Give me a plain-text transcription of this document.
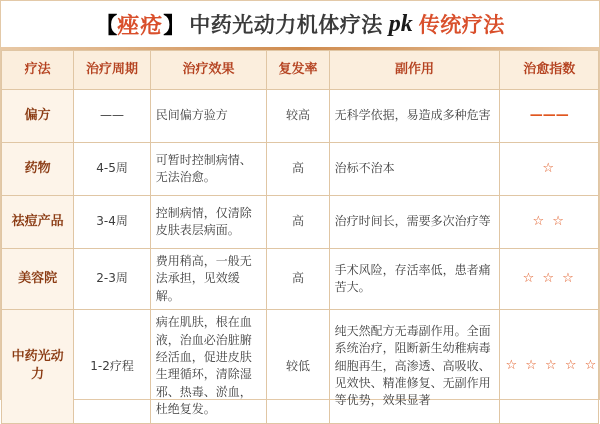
【 痤疮 】 中药光动力机体疗法 pk 传统疗法
疗法	治疗周期	治疗效果	复发率	副作用	治愈指数
偏方	——	民间偏方验方	较高	无科学依据，易造成多种危害	———
药物	4-5周	可暂时控制病情、无法治愈。	高	治标不治本	☆
祛痘产品	3-4周	控制病情，仅清除皮肤表层病面。	高	治疗时间长，需要多次治疗等	☆ ☆
美容院	2-3周	费用稍高，一般无法承担，见效缓解。	高	手术风险，存活率低，患者痛苦大。	☆ ☆ ☆
中药光动力	1-2疗程	病在肌肤，根在血液，治血必治脏腑经活血，促进皮肤生理循环，清除湿邪、热毒、淤血，杜绝复发。	较低	纯天然配方无毒副作用。全面系统治疗，阻断新生幼稚病毒细胞再生，高渗透、高吸收、见效快、精准修复、无副作用等优势，效果显著	☆ ☆ ☆ ☆ ☆
